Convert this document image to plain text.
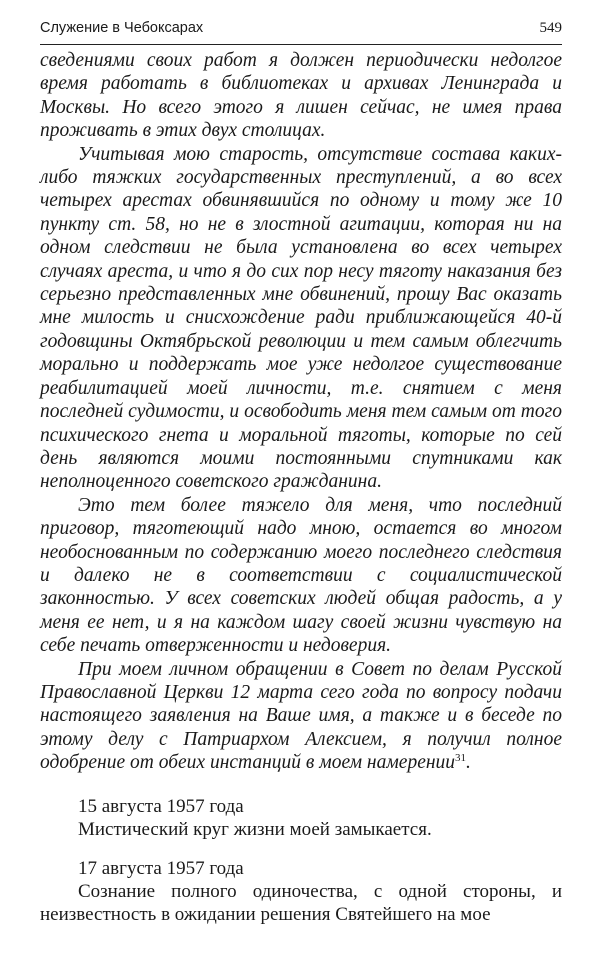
Служение в Чебоксарах	549

сведениями своих работ я должен периодически недолгое время работать в библиотеках и архивах Ленинграда и Москвы. Но всего этого я лишен сейчас, не имея права проживать в этих двух столицах.

Учитывая мою старость, отсутствие состава каких-либо тяжких государственных преступлений, а во всех четырех арестах обвинявшийся по одному и тому же 10 пункту ст. 58, но не в злостной агитации, которая ни на одном следствии не была установлена во всех четырех случаях ареста, и что я до сих пор несу тяготу наказания без серьезно представленных мне обвинений, прошу Вас оказать мне милость и снисхождение ради приближающейся 40-й годовщины Октябрьской революции и тем самым облегчить морально и поддержать мое уже недолгое существование реабилитацией моей личности, т.е. снятием с меня последней судимости, и освободить меня тем самым от того психического гнета и моральной тяготы, которые по сей день являются моими постоянными спутниками как неполноценного советского гражданина.

Это тем более тяжело для меня, что последний приговор, тяготеющий надо мною, остается во многом необоснованным по содержанию моего последнего следствия и далеко не в соответствии с социалистической законностью. У всех советских людей общая радость, а у меня ее нет, и я на каждом шагу своей жизни чувствую на себе печать отверженности и недоверия.

При моем личном обращении в Совет по делам Русской Православной Церкви 12 марта сего года по вопросу подачи настоящего заявления на Ваше имя, а также и в беседе по этому делу с Патриархом Алексием, я получил полное одобрение от обеих инстанций в моем намерении$^{31}$.

15 августа 1957 года

Мистический круг жизни моей замыкается.

17 августа 1957 года

Сознание полного одиночества, с одной стороны, и неизвестность в ожидании решения Святейшего на мое
